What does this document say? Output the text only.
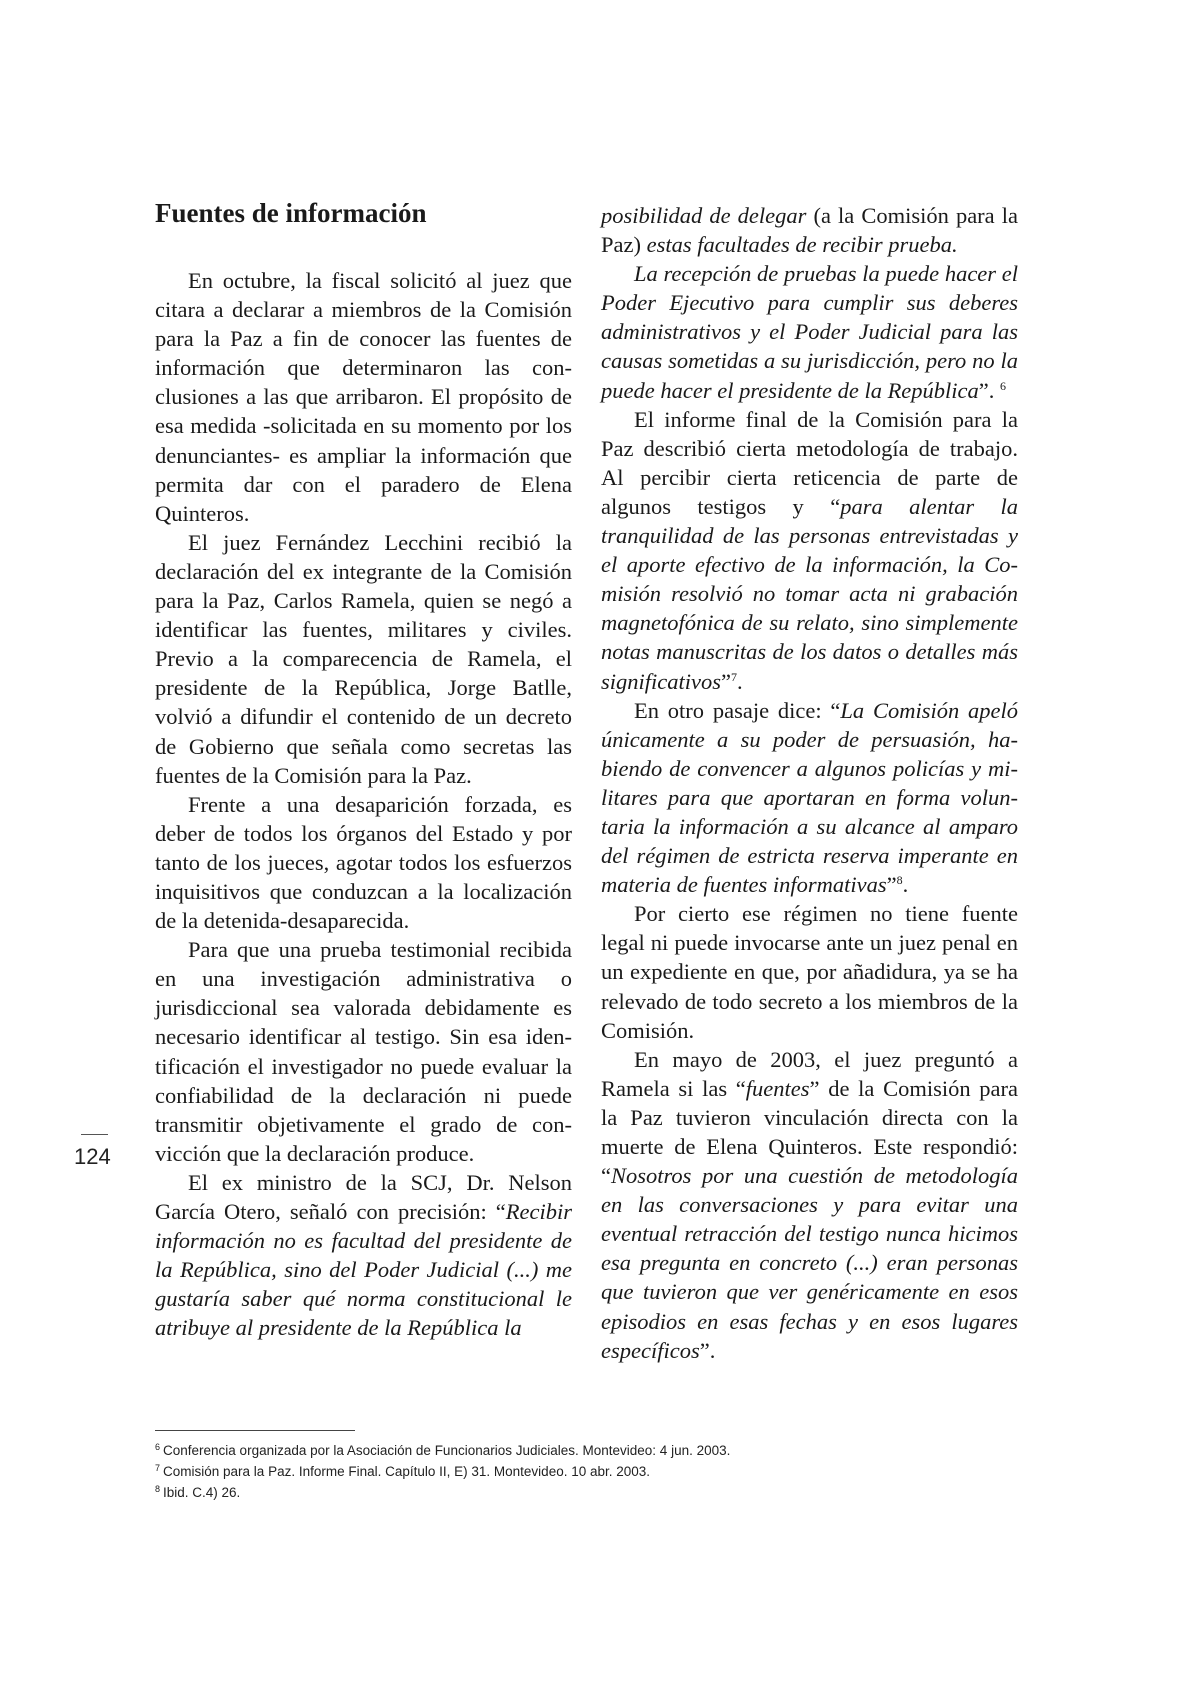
Fuentes de información

En octubre, la fiscal solicitó al juez que citara a declarar a miembros de la Comisión para la Paz a fin de conocer las fuentes de información que determinaron las conclusiones a las que arribaron. El propósito de esa medida -solicitada en su momento por los denunciantes- es ampliar la información que permita dar con el paradero de Elena Quinteros.

El juez Fernández Lecchini recibió la declaración del ex integrante de la Comisión para la Paz, Carlos Ramela, quien se negó a identificar las fuentes, militares y civiles. Previo a la comparecencia de Ramela, el presidente de la República, Jorge Batlle, volvió a difundir el contenido de un decreto de Gobierno que señala como secretas las fuentes de la Comisión para la Paz.

Frente a una desaparición forzada, es deber de todos los órganos del Estado y por tanto de los jueces, agotar todos los esfuerzos inquisitivos que conduzcan a la localización de la detenida-desaparecida.

Para que una prueba testimonial recibida en una investigación administrativa o jurisdiccional sea valorada debidamente es necesario identificar al testigo. Sin esa identificación el investigador no puede evaluar la confiabilidad de la declaración ni puede transmitir objetivamente el grado de convicción que la declaración produce.

El ex ministro de la SCJ, Dr. Nelson García Otero, señaló con precisión: “Recibir información no es facultad del presidente de la República, sino del Poder Judicial (...) me gustaría saber qué norma constitucional le atribuye al presidente de la República la

posibilidad de delegar (a la Comisión para la Paz) estas facultades de recibir prueba.

La recepción de pruebas la puede hacer el Poder Ejecutivo para cumplir sus deberes administrativos y el Poder Judicial para las causas sometidas a su jurisdicción, pero no la puede hacer el presidente de la República”. $^6$

El informe final de la Comisión para la Paz describió cierta metodología de trabajo. Al percibir cierta reticencia de parte de algunos testigos y “para alentar la tranquilidad de las personas entrevistadas y el aporte efectivo de la información, la Comisión resolvió no tomar acta ni grabación magnetofónica de su relato, sino simplemente notas manuscritas de los datos o detalles más significativos”$^7$.

En otro pasaje dice: “La Comisión apeló únicamente a su poder de persuasión, habiendo de convencer a algunos policías y militares para que aportaran en forma voluntaria la información a su alcance al amparo del régimen de estricta reserva imperante en materia de fuentes informativas”$^8$.

Por cierto ese régimen no tiene fuente legal ni puede invocarse ante un juez penal en un expediente en que, por añadidura, ya se ha relevado de todo secreto a los miembros de la Comisión.

En mayo de 2003, el juez preguntó a Ramela si las “fuentes” de la Comisión para la Paz tuvieron vinculación directa con la muerte de Elena Quinteros. Este respondió: “Nosotros por una cuestión de metodología en las conversaciones y para evitar una eventual retracción del testigo nunca hicimos esa pregunta en concreto (...) eran personas que tuvieron que ver genéricamente en esos episodios en esas fechas y en esos lugares específicos”.

124

$^6$ Conferencia organizada por la Asociación de Funcionarios Judiciales. Montevideo: 4 jun. 2003.

$^7$ Comisión para la Paz. Informe Final. Capítulo II, E) 31. Montevideo. 10 abr. 2003.

$^8$ Ibid. C.4) 26.
